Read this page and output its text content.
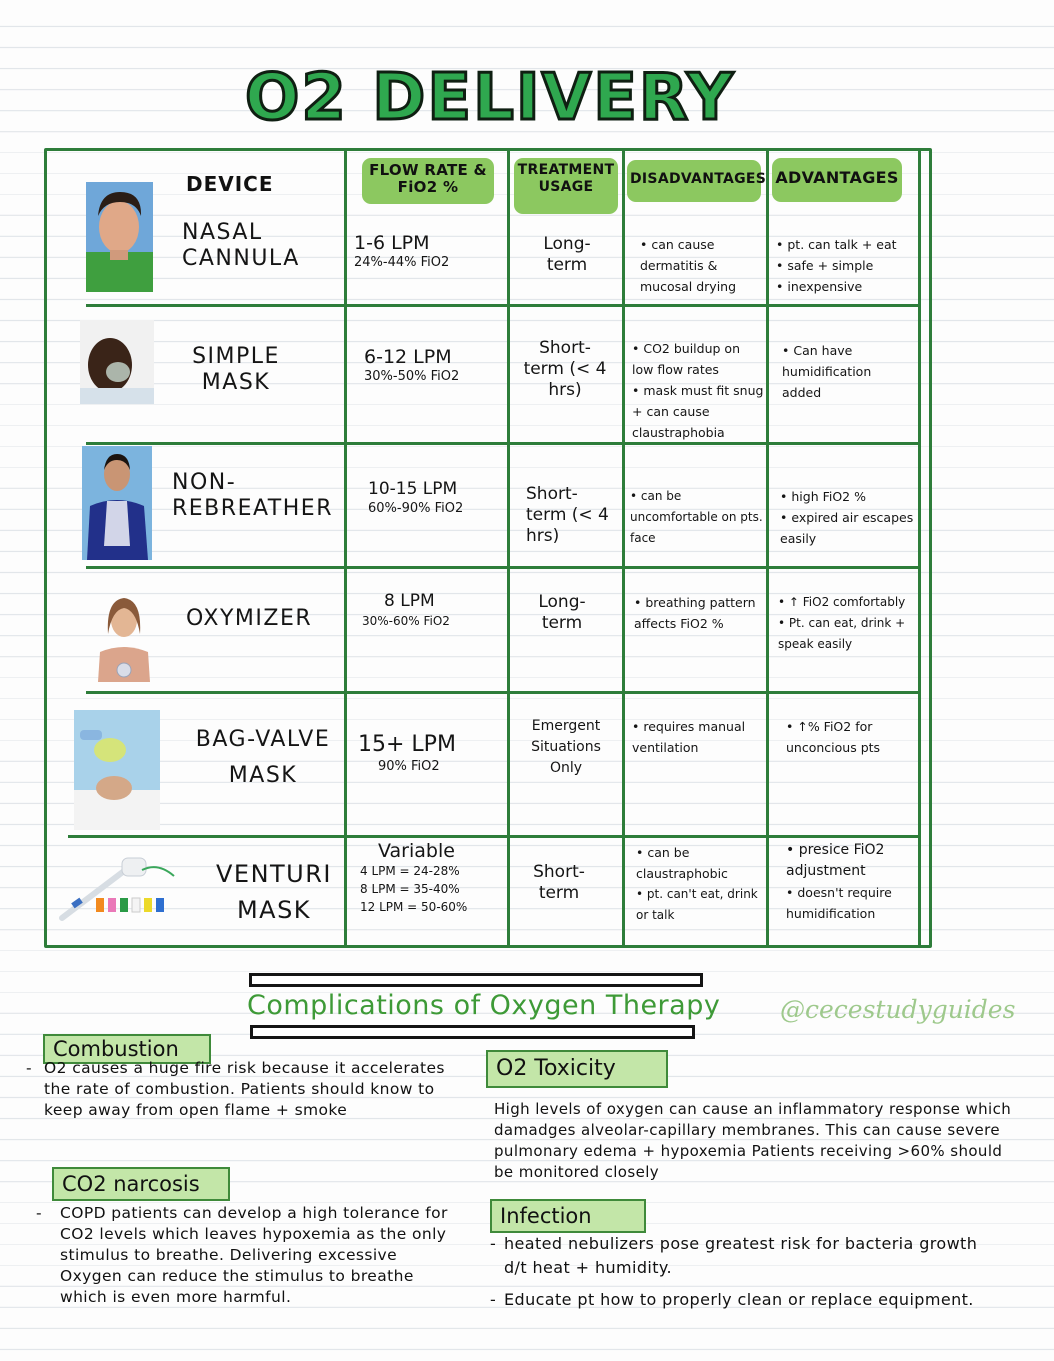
O2 DELIVERY
DEVICE
FLOW RATE & FiO2 %
TREATMENT USAGE	DISADVANTAGES ADVANTAGES
NASAL CANNULA
1-6 LPM
24%-44% FiO2
Long-term
• can cause dermatitis & mucosal drying
• pt. can talk + eat
• safe + simple
• inexpensive
SIMPLE MASK
6-12 LPM
30%-50% FiO2
Short-term (< 4 hrs)
• CO2 buildup on low flow rates
• mask must fit snug + can cause claustraphobia
• Can have humidification added
NON-REBREATHER
10-15 LPM
60%-90% FiO2
Short-term (< 4 hrs)
• can be uncomfortable on pts. face
• high FiO2 %
• expired air escapes easily
OXYMIZER
8 LPM
30%-60% FiO2
Long-term
• breathing pattern affects FiO2 %
• ↑ FiO2 comfortably
• Pt. can eat, drink + speak easily
BAG-VALVE MASK
15+ LPM
90% FiO2
Emergent Situations Only
• requires manual ventilation
• ↑% FiO2 for unconcious pts
VENTURI MASK
Variable
4 LPM = 24-28%
8 LPM = 35-40%
12 LPM = 50-60%
Short-term
• can be claustraphobic
• pt. can't eat, drink or talk
• presice FiO2 adjustment
• doesn't require humidification
Complications of Oxygen Therapy @cecestudyguides
Combustion
- O2 causes a huge fire risk because it accelerates the rate of combustion. Patients should know to keep away from open flame + smoke
CO2 narcosis
- COPD patients can develop a high tolerance for CO2 levels which leaves hypoxemia as the only stimulus to breathe. Delivering excessive Oxygen can reduce the stimulus to breathe which is even more harmful.
O2 Toxicity
High levels of oxygen can cause an inflammatory response which damadges alveolar-capillary membranes. This can cause severe pulmonary edema + hypoxemia Patients receiving >60% should be monitored closely
Infection
- heated nebulizers pose greatest risk for bacteria growth d/t heat + humidity.
- Educate pt how to properly clean or replace equipment.
